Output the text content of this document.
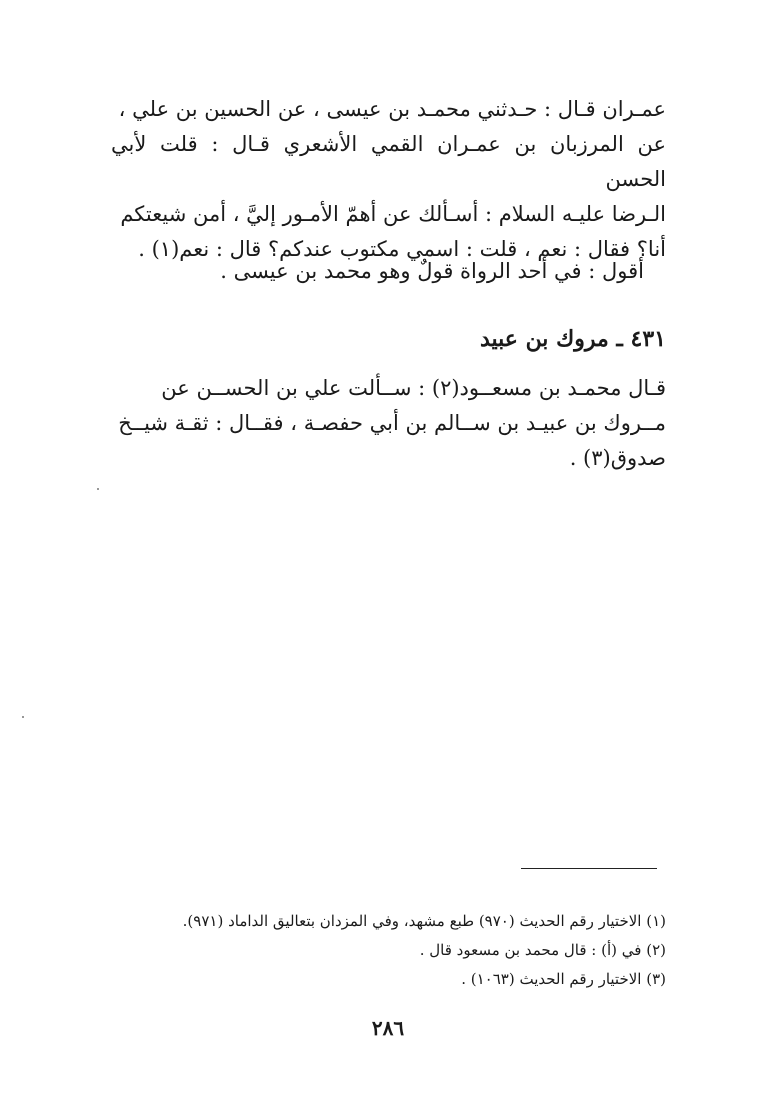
عمـران قـال : حـدثني محمـد بن عيسى ، عن الحسين بن علي ،

عن المرزبان بن عمـران القمي الأشعري قـال : قلت لأبي الحسن

الـرضا عليـه السلام : أسـألك عن أهمّ الأمـور إليَّ ، أمن شيعتكم

أنا؟ فقال : نعم ، قلت : اسمي مكتوب عندكم؟ قال : نعم(١) .

أقول : في أحد الرواة قولٌ وهو محمد بن عيسى .

٤٣١ ـ مروك بن عبيد

قـال محمـد بن مسعــود(٢) : ســألت علي بن الحســن عن

مــروك بن عبيـد بن ســالم بن أبي حفصـة ، فقــال : ثقـة شيــخ

صدوق(٣) .

(١) الاختيار رقم الحديث (٩٧٠) طبع مشهد، وفي المزدان بتعاليق الداماد (٩٧١).

(٢) في (أ) : قال محمد بن مسعود قال .

(٣) الاختيار رقم الحديث (١٠٦٣) .

٢٨٦
